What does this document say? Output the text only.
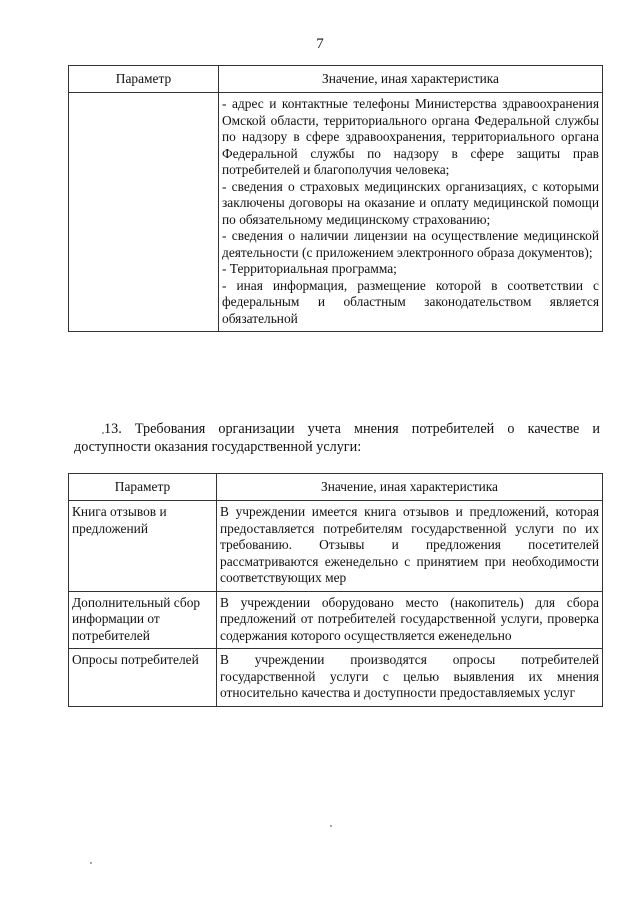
7
Параметр	Значение, иная характеристика

	- адрес и контактные телефоны Министерства здравоохранения Омской области, территориального органа Федеральной службы по надзору в сфере здравоохранения, территориального органа Федеральной службы по надзору в сфере защиты прав потребителей и благополучия человека;
- сведения о страховых медицинских организациях, с которыми заключены договоры на оказание и оплату медицинской помощи по обязательному медицинскому страхованию;
- сведения о наличии лицензии на осуществление медицинской деятельности (с приложением электронного образа документов);
- Территориальная программа;
- иная информация, размещение которой в соответствии с федеральным и областным законодательством является обязательной
13. Требования организации учета мнения потребителей о качестве и доступности оказания государственной услуги:
Параметр	Значение, иная характеристика
Книга отзывов и предложений	В учреждении имеется книга отзывов и предложений, которая предоставляется потребителям государственной услуги по их требованию. Отзывы и предложения посетителей рассматриваются еженедельно с принятием при необходимости соответствующих мер
Дополнительный сбор информации от потребителей	В учреждении оборудовано место (накопитель) для сбора предложений от потребителей государственной услуги, проверка содержания которого осуществляется еженедельно
Опросы потребителей	В учреждении производятся опросы потребителей государственной услуги с целью выявления их мнения относительно качества и доступности предоставляемых услуг
